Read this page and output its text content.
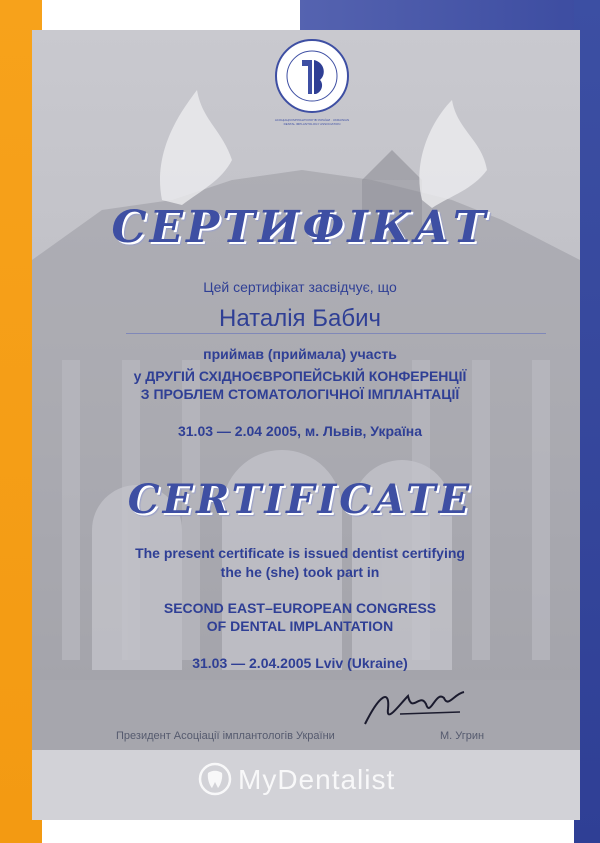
АСОЦІАЦІЯ ІМПЛАНТОЛОГІВ УКРАЇНИ · UKRAINIAN DENTAL IMPLANTOLOGY ASSOCIATION
СЕРТИФІКАТ
Цей сертифікат засвідчує, що
Наталія Бабич
приймав (приймала) участь
у ДРУГІЙ СХІДНОЄВРОПЕЙСЬКІЙ КОНФЕРЕНЦІЇ
З ПРОБЛЕМ СТОМАТОЛОГІЧНОЇ ІМПЛАНТАЦІЇ
31.03 — 2.04 2005, м. Львів, Україна
CERTIFICATE
The present certificate is issued dentist certifying
the he (she) took part in
SECOND EAST–EUROPEAN CONGRESS
OF DENTAL IMPLANTATION
31.03 — 2.04.2005 Lviv (Ukraine)
Президент Асоціації імплантологів України	М. Угрин
MyDentalist
